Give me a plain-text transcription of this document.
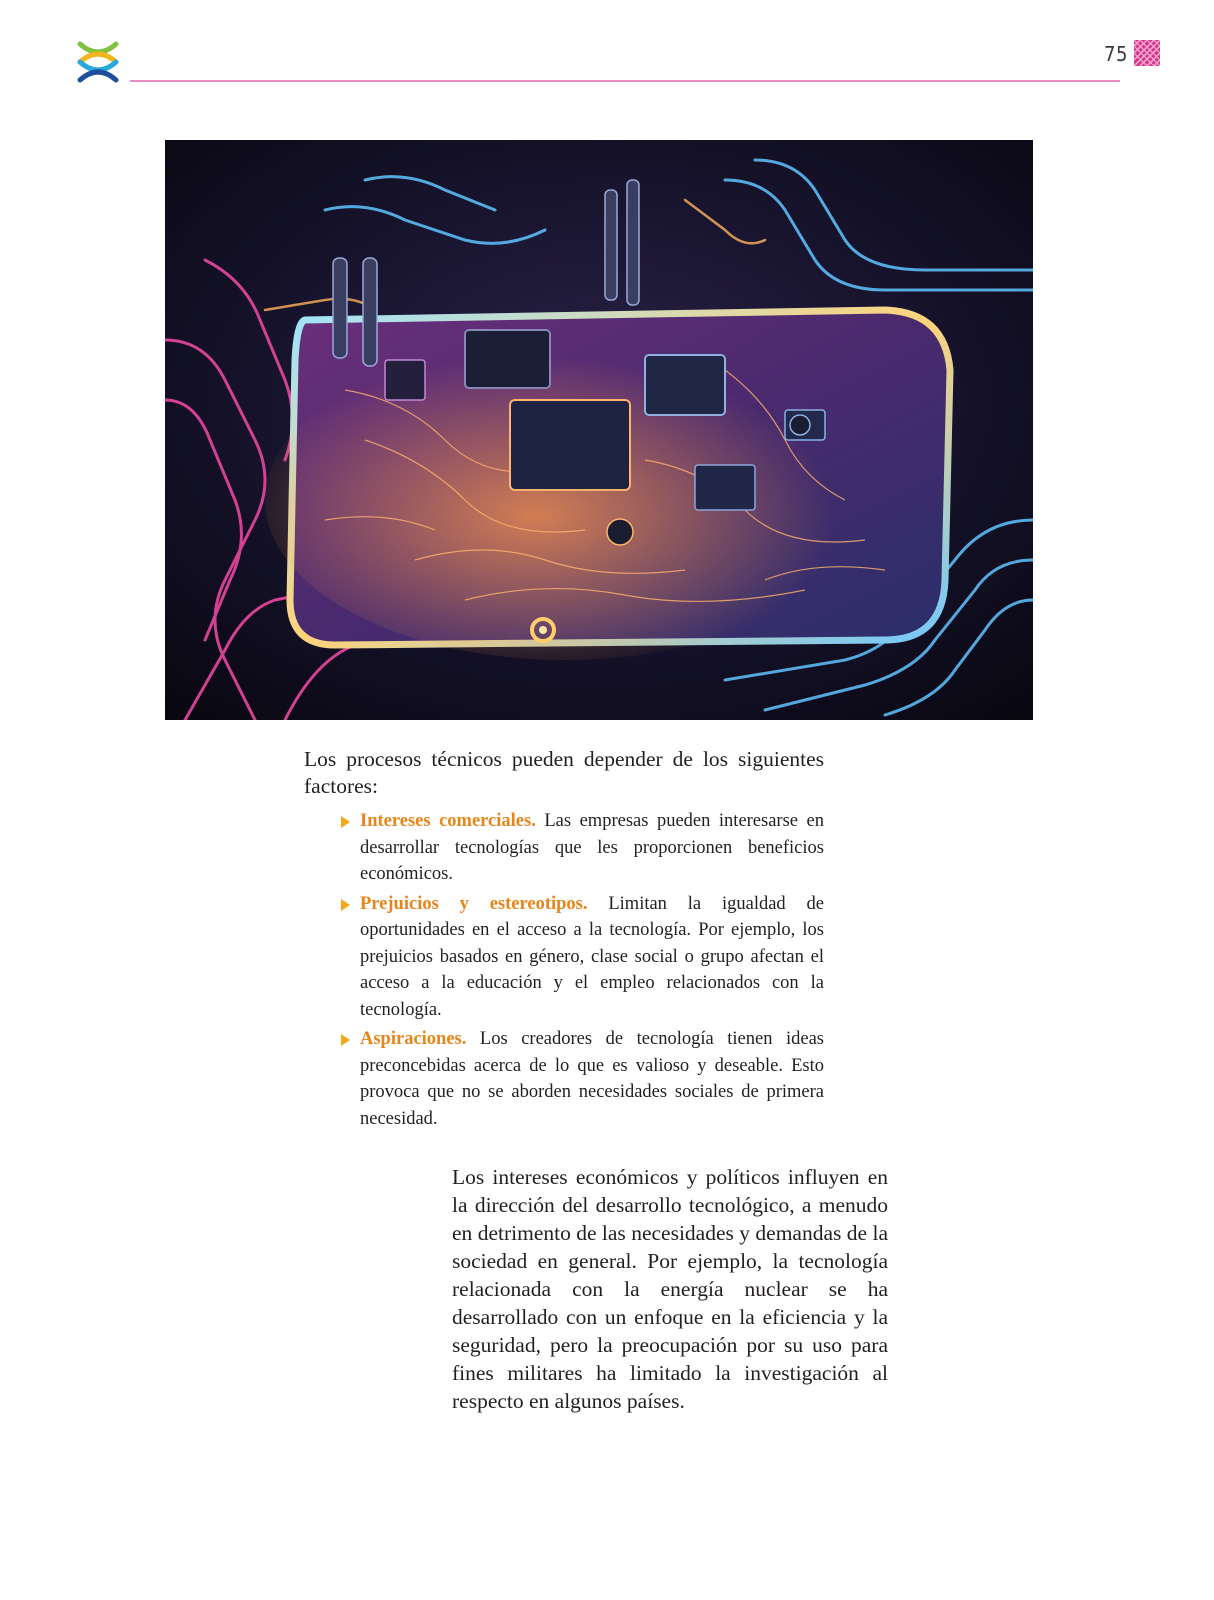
75

Los procesos técnicos pueden depender de los siguientes factores:

Intereses comerciales. Las empresas pueden interesarse en desarrollar tecnologías que les proporcionen beneficios económicos.
Prejuicios y estereotipos. Limitan la igualdad de oportunidades en el acceso a la tecnología. Por ejemplo, los prejuicios basados en género, clase social o grupo afectan el acceso a la educación y el empleo relacionados con la tecnología.
Aspiraciones. Los creadores de tecnología tienen ideas preconcebidas acerca de lo que es valioso y deseable. Esto provoca que no se aborden necesidades sociales de primera necesidad.

Los intereses económicos y políticos influyen en la dirección del desarrollo tecnológico, a menudo en detrimento de las necesidades y demandas de la sociedad en general. Por ejemplo, la tecnología relacionada con la energía nuclear se ha desarrollado con un enfoque en la eficiencia y la seguridad, pero la preocupación por su uso para fines militares ha limitado la investigación al respecto en algunos países.
